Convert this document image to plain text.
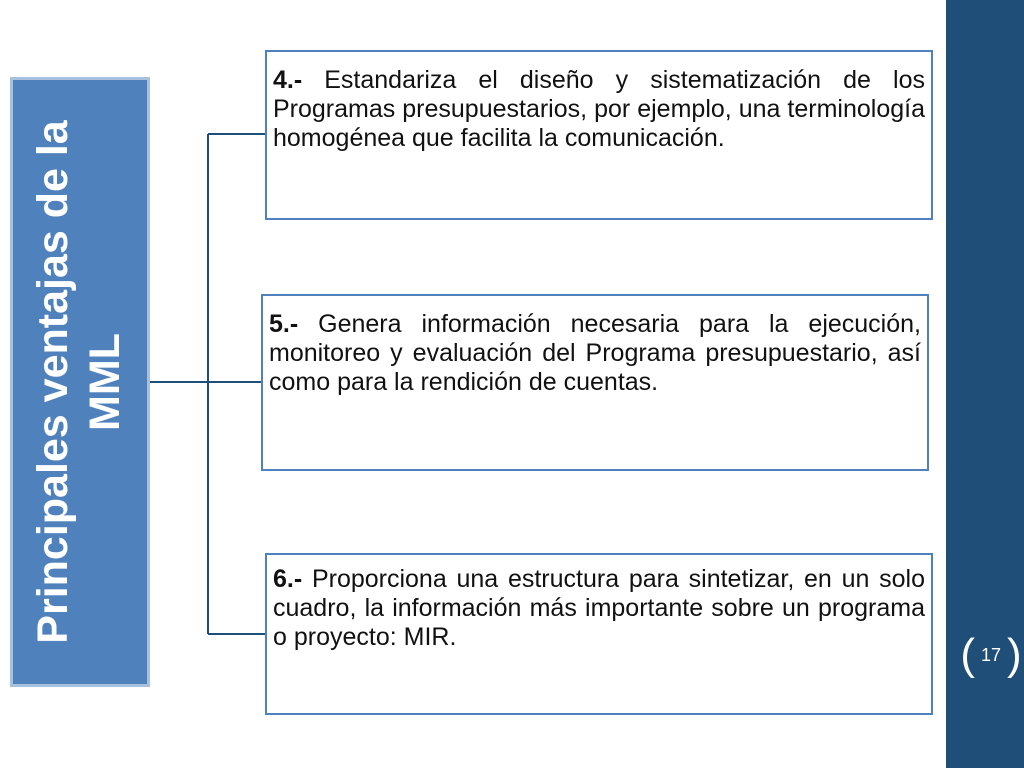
( 17 )
Principales ventajas de la MML
4.- Estandariza el diseño y sistematización de los Programas presupuestarios, por ejemplo, una terminología homogénea que facilita la comunicación.
5.- Genera información necesaria para la ejecución, monitoreo y evaluación del Programa presupuestario, así como para la rendición de cuentas.
6.- Proporciona una estructura para sintetizar, en un solo cuadro, la información más importante sobre un programa o proyecto: MIR.
